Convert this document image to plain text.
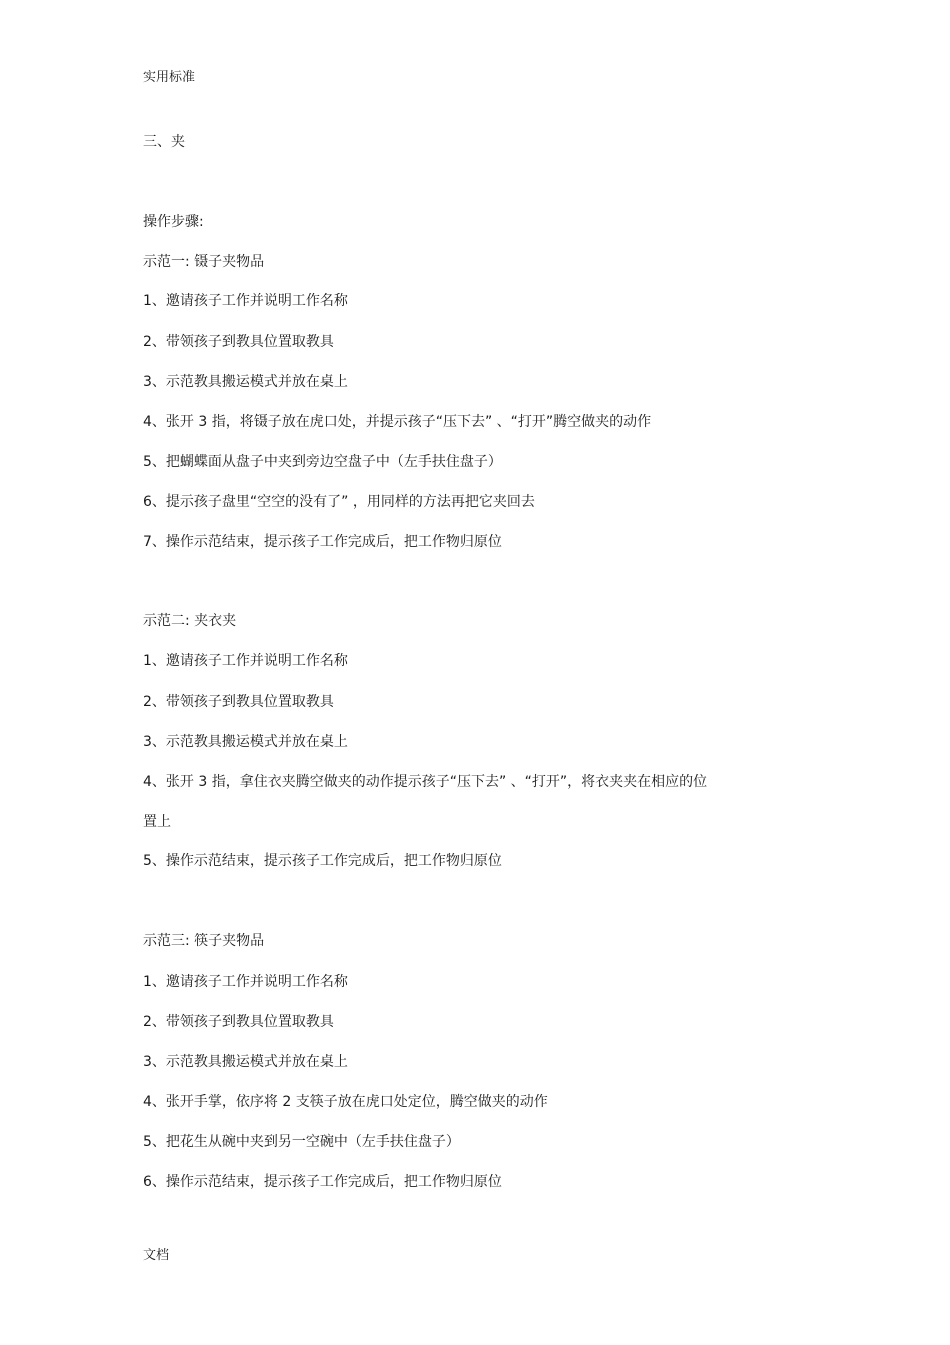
实用标准
三、夹
操作步骤:
示范一: 镊子夹物品
1、邀请孩子工作并说明工作名称
2、带领孩子到教具位置取教具
3、示范教具搬运模式并放在桌上
4、张开 3 指，将镊子放在虎口处，并提示孩子“压下去” 、“打开”腾空做夹的动作
5、把蝴蝶面从盘子中夹到旁边空盘子中（左手扶住盘子）
6、提示孩子盘里“空空的没有了” ，用同样的方法再把它夹回去
7、操作示范结束，提示孩子工作完成后，把工作物归原位
示范二: 夹衣夹
1、邀请孩子工作并说明工作名称
2、带领孩子到教具位置取教具
3、示范教具搬运模式并放在桌上
4、张开 3 指，拿住衣夹腾空做夹的动作提示孩子“压下去” 、“打开”，将衣夹夹在相应的位
置上
5、操作示范结束，提示孩子工作完成后，把工作物归原位
示范三: 筷子夹物品
1、邀请孩子工作并说明工作名称
2、带领孩子到教具位置取教具
3、示范教具搬运模式并放在桌上
4、张开手掌，依序将 2 支筷子放在虎口处定位，腾空做夹的动作
5、把花生从碗中夹到另一空碗中（左手扶住盘子）
6、操作示范结束，提示孩子工作完成后，把工作物归原位
文档
